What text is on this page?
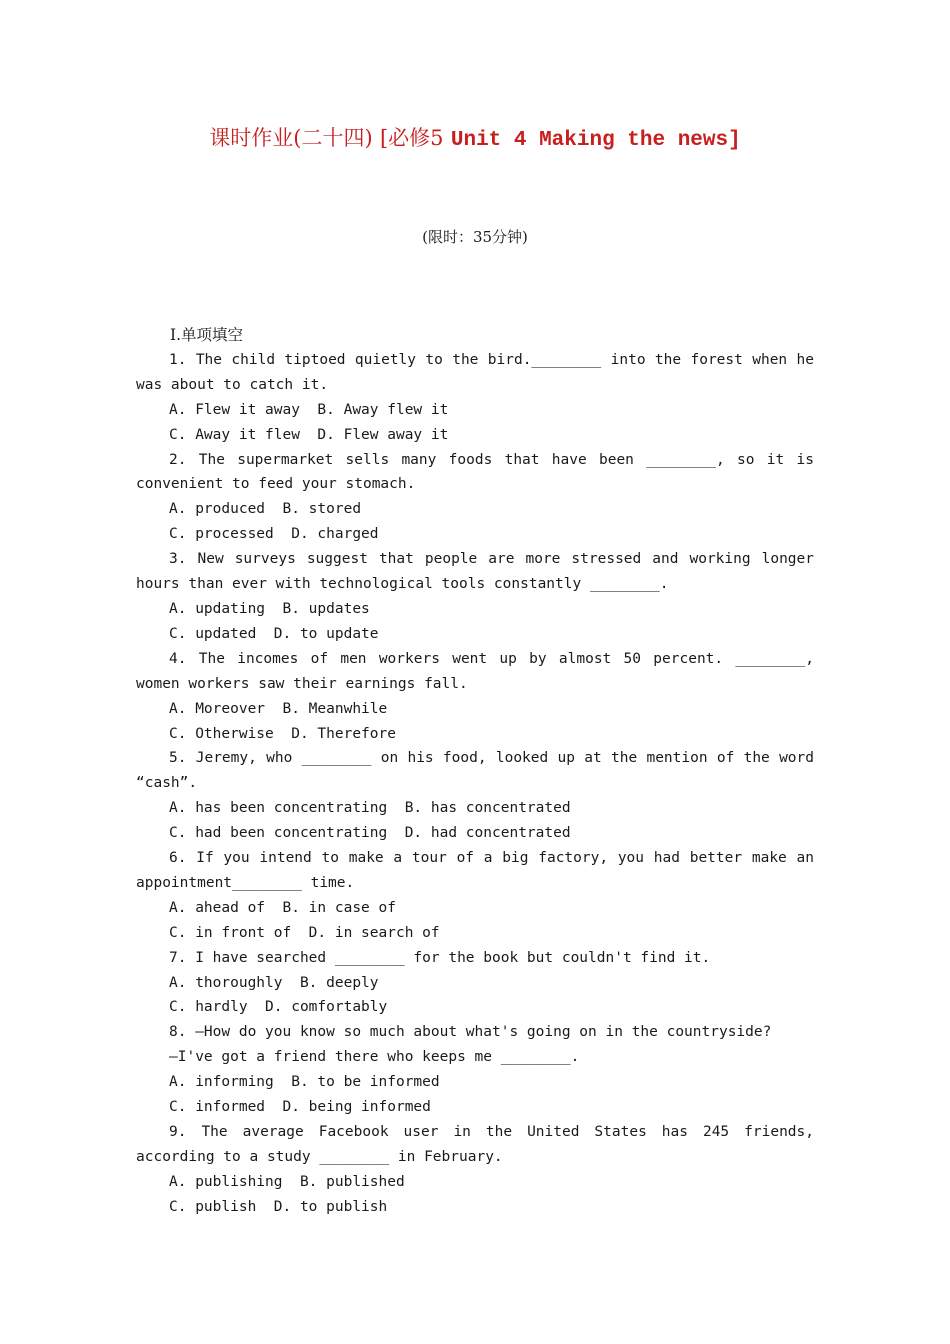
课时作业(二十四) [必修5 Unit 4 Making the news]
(限时：35分钟)
Ⅰ.单项填空
1. The child tiptoed quietly to the bird.________ into the forest when he was about to catch it.
A. Flew it away  B. Away flew it
C. Away it flew  D. Flew away it
2. The supermarket sells many foods that have been ________, so it is convenient to feed your stomach.
A. produced  B. stored
C. processed  D. charged
3. New surveys suggest that people are more stressed and working longer hours than ever with technological tools constantly ________.
A. updating  B. updates
C. updated  D. to update
4. The incomes of men workers went up by almost 50 percent. ________, women workers saw their earnings fall.
A. Moreover  B. Meanwhile
C. Otherwise  D. Therefore
5. Jeremy, who ________ on his food, looked up at the mention of the word “cash”.
A. has been concentrating  B. has concentrated
C. had been concentrating  D. had concentrated
6. If you intend to make a tour of a big factory, you had better make an appointment________ time.
A. ahead of  B. in case of
C. in front of  D. in search of
7. I have searched ________ for the book but couldn't find it.
A. thoroughly  B. deeply
C. hardly  D. comfortably
8. —How do you know so much about what's going on in the countryside?
—I've got a friend there who keeps me ________.
A. informing  B. to be informed
C. informed  D. being informed
9. The average Facebook user in the United States has 245 friends, according to a study ________ in February.
A. publishing  B. published
C. publish  D. to publish
